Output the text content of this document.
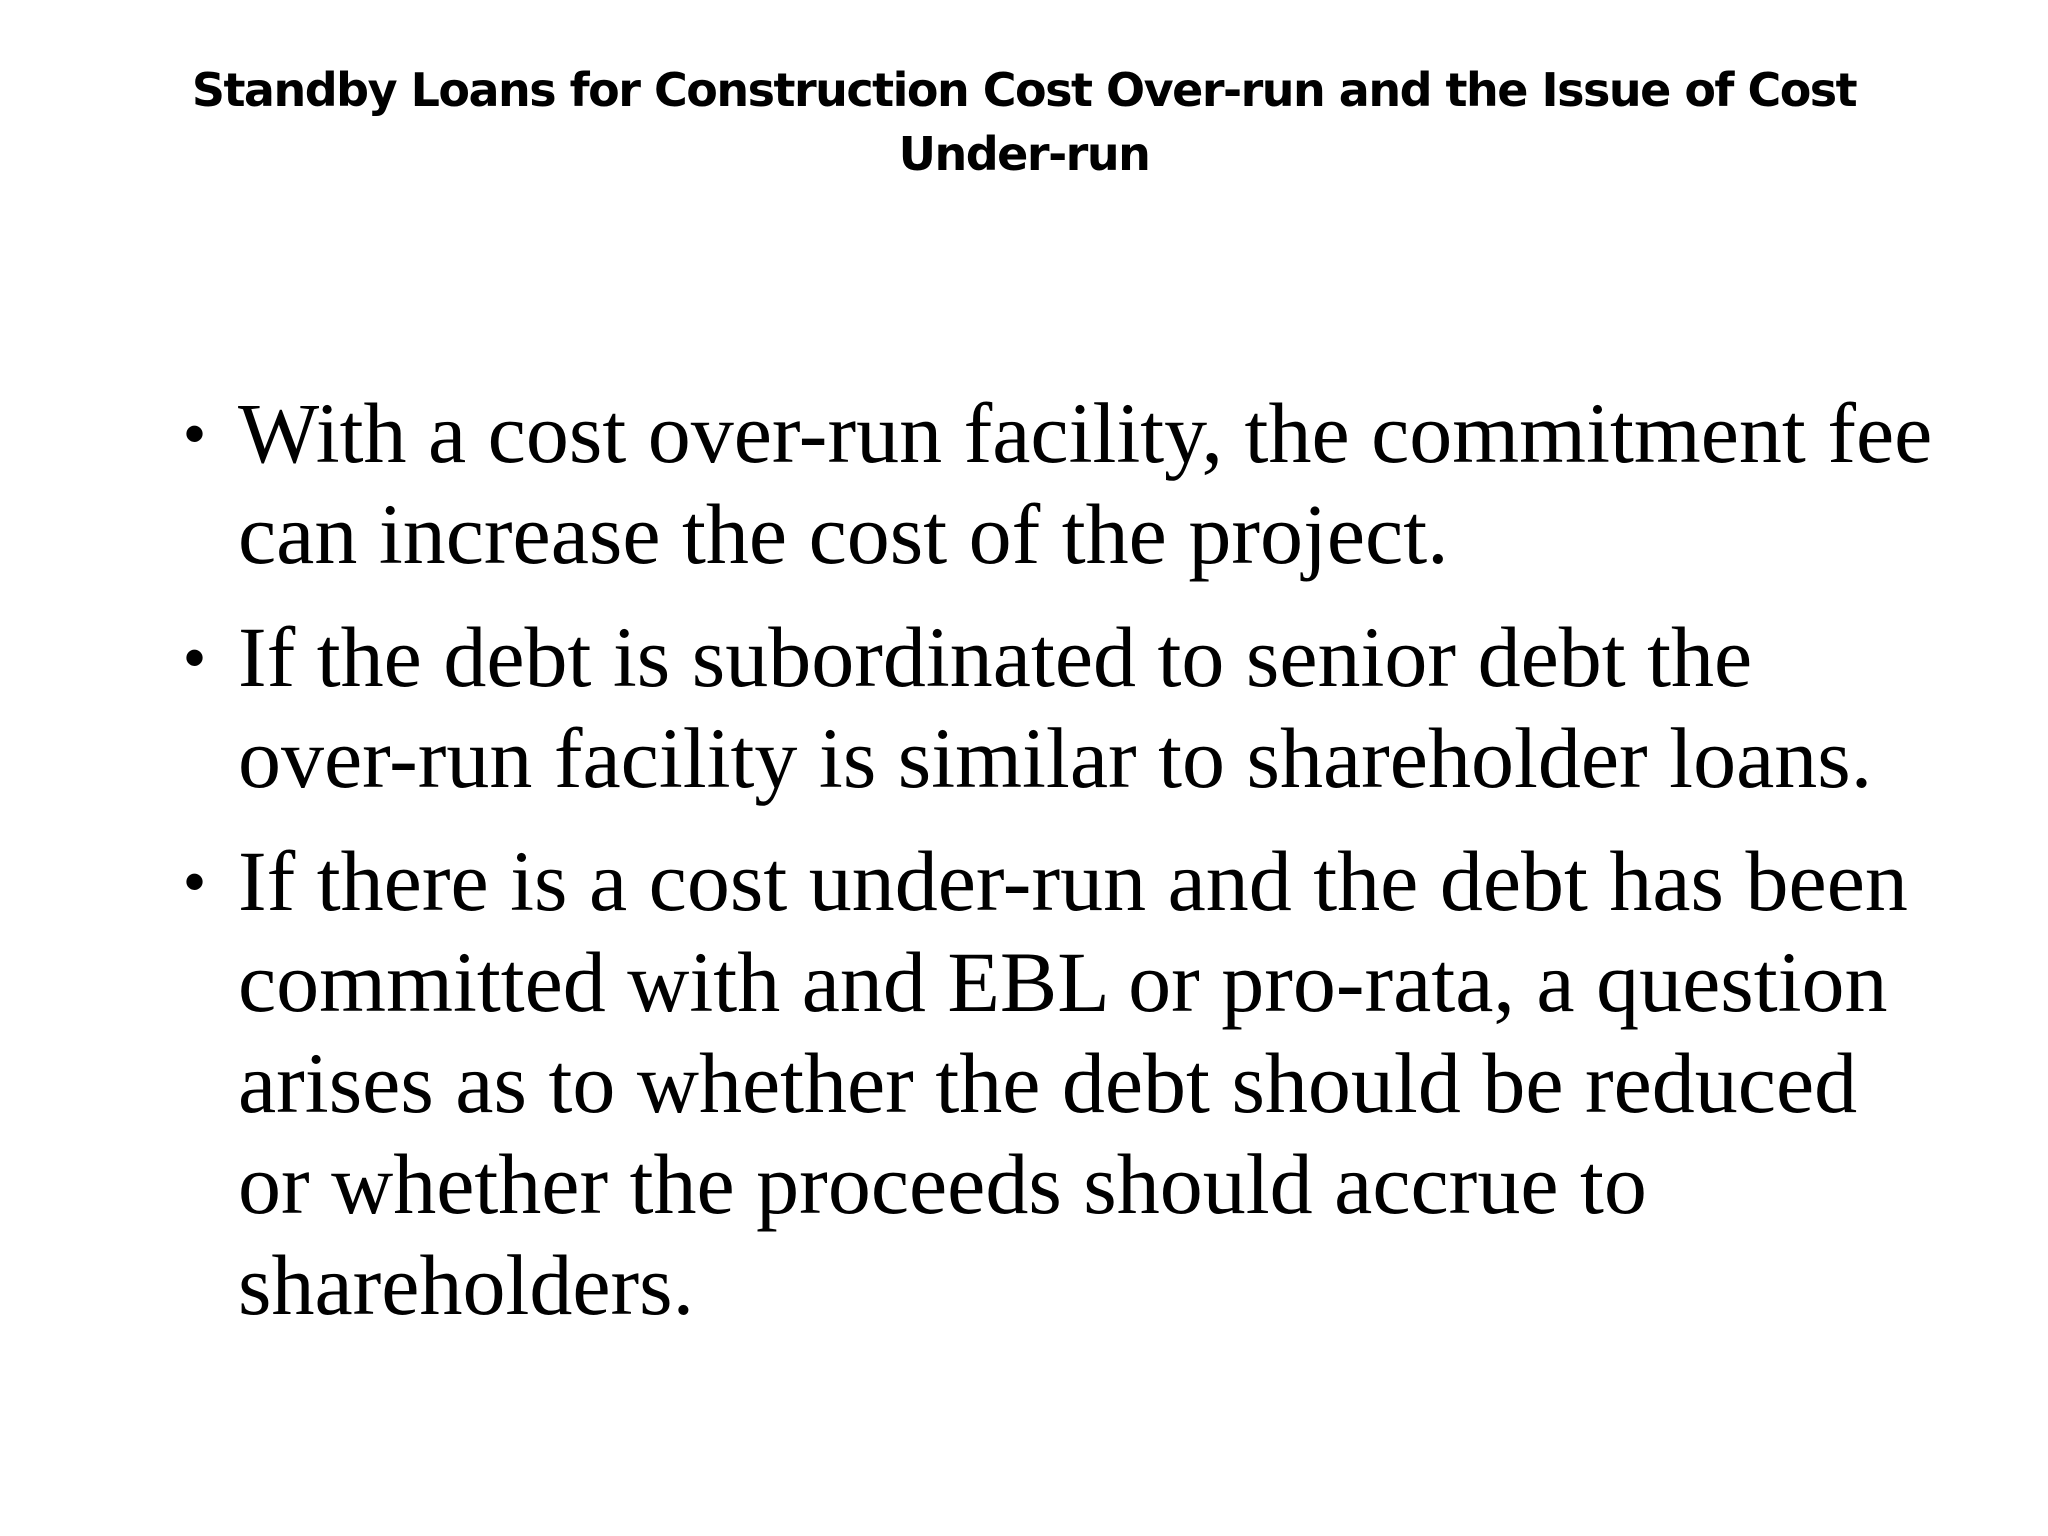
Standby Loans for Construction Cost Over-run and the Issue of Cost Under-run
• With a cost over-run facility, the commitment fee can increase the cost of the project.
• If the debt is subordinated to senior debt the over-run facility is similar to shareholder loans.
• If there is a cost under-run and the debt has been committed with and EBL or pro-rata, a question arises as to whether the debt should be reduced or whether the proceeds should accrue to shareholders.
